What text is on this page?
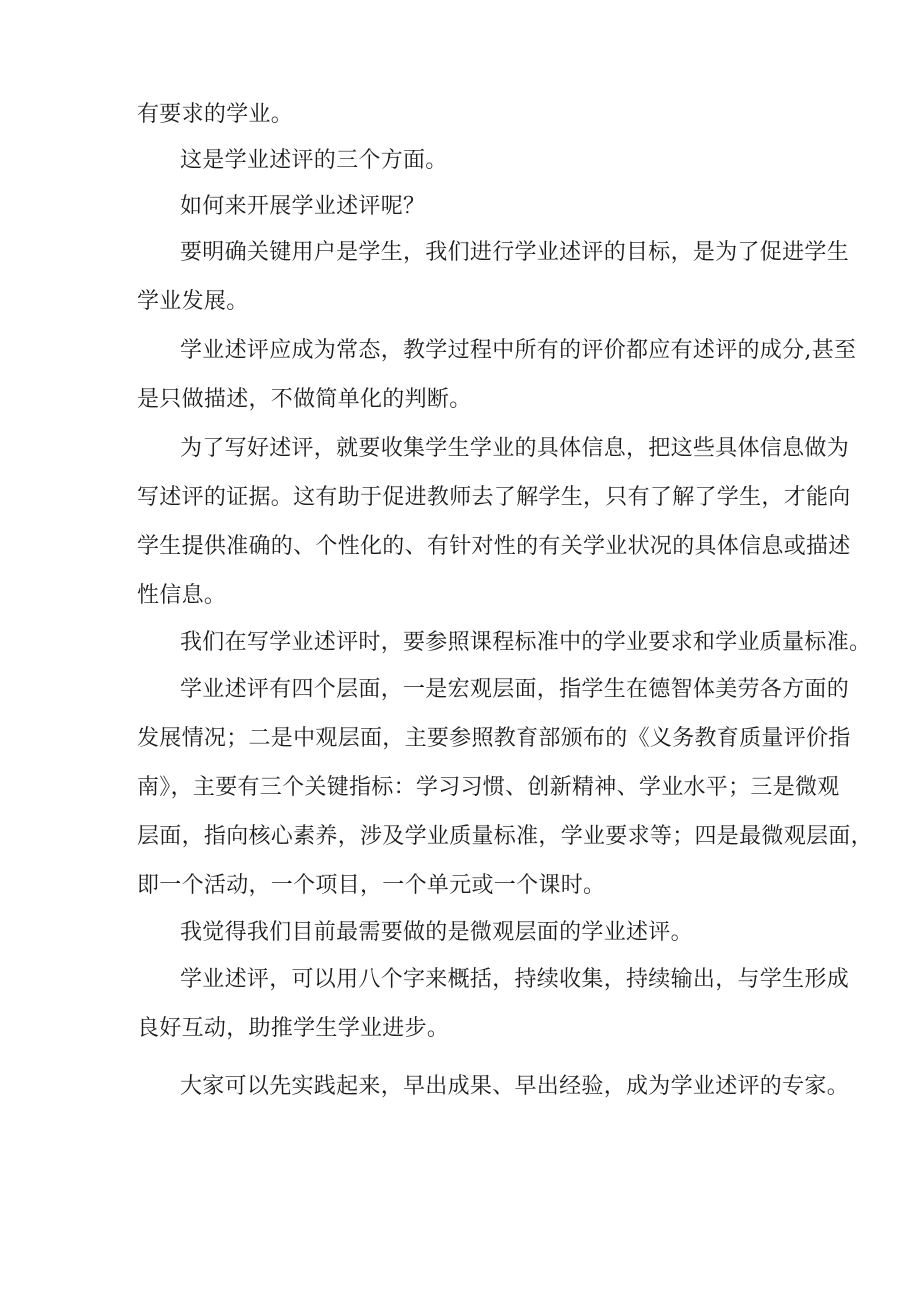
有要求的学业。
这是学业述评的三个方面。
如何来开展学业述评呢？
要明确关键用户是学生，我们进行学业述评的目标，是为了促进学生
学业发展。
学业述评应成为常态，教学过程中所有的评价都应有述评的成分,甚至
是只做描述，不做简单化的判断。
为了写好述评，就要收集学生学业的具体信息，把这些具体信息做为
写述评的证据。这有助于促进教师去了解学生，只有了解了学生，才能向
学生提供准确的、个性化的、有针对性的有关学业状况的具体信息或描述
性信息。
我们在写学业述评时，要参照课程标准中的学业要求和学业质量标准。
学业述评有四个层面，一是宏观层面，指学生在德智体美劳各方面的
发展情况；二是中观层面，主要参照教育部颁布的《义务教育质量评价指
南》，主要有三个关键指标：学习习惯、创新精神、学业水平；三是微观
层面，指向核心素养，涉及学业质量标准，学业要求等；四是最微观层面，
即一个活动，一个项目，一个单元或一个课时。
我觉得我们目前最需要做的是微观层面的学业述评。
学业述评，可以用八个字来概括，持续收集，持续输出，与学生形成
良好互动，助推学生学业进步。
大家可以先实践起来，早出成果、早出经验，成为学业述评的专家。
